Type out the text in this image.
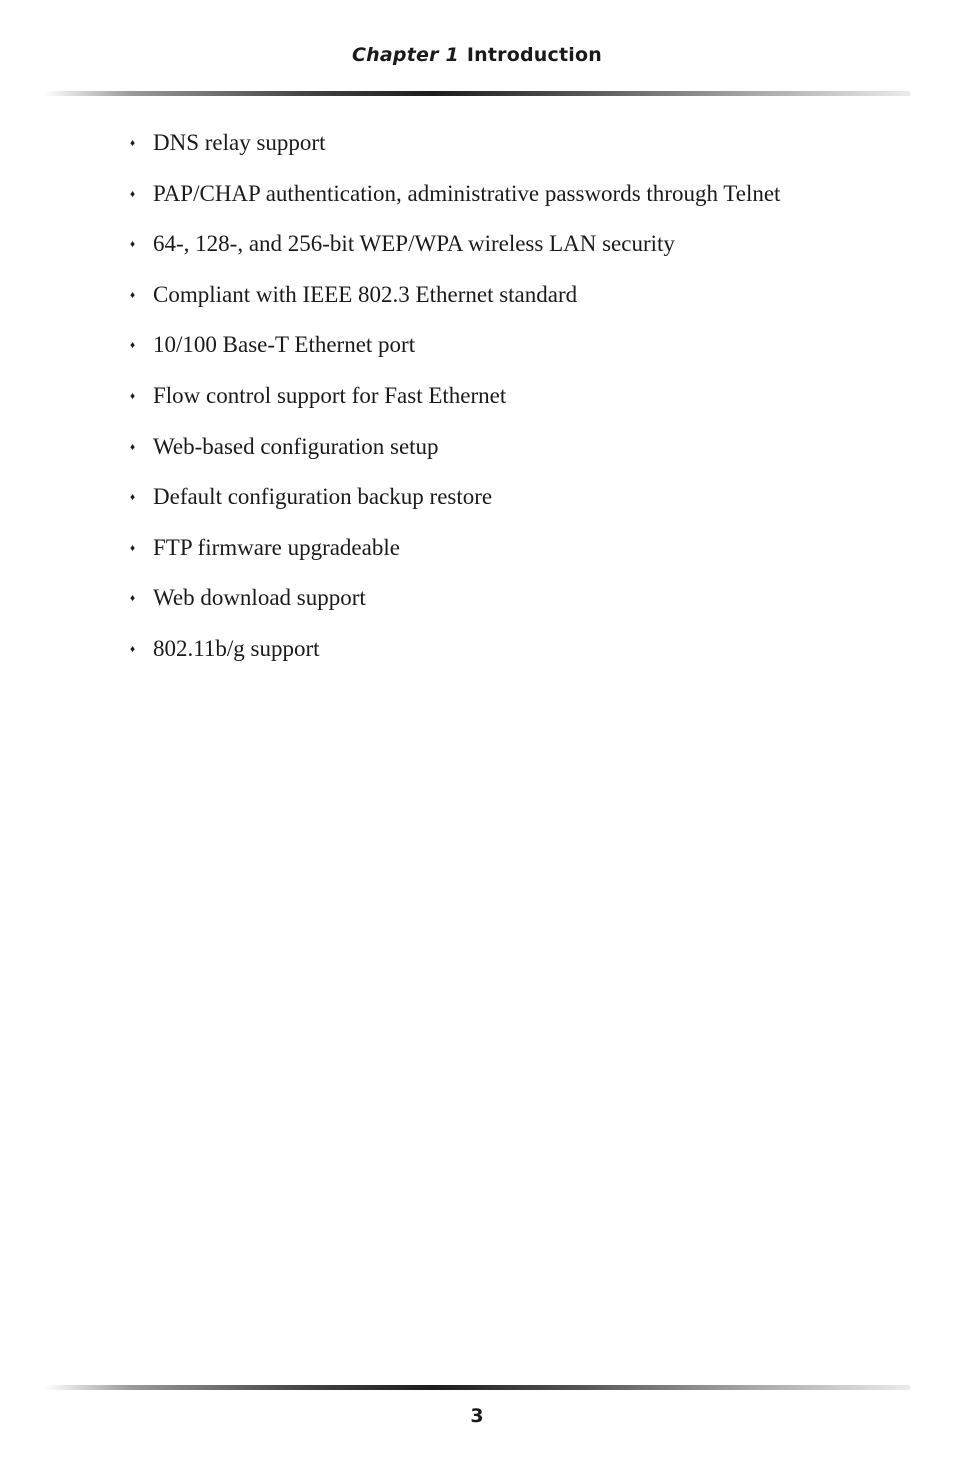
Chapter 1 Introduction
♦ DNS relay support
♦ PAP/CHAP authentication, administrative passwords through Telnet
♦ 64-, 128-, and 256-bit WEP/WPA wireless LAN security
♦ Compliant with IEEE 802.3 Ethernet standard
♦ 10/100 Base-T Ethernet port
♦ Flow control support for Fast Ethernet
♦ Web-based configuration setup
♦ Default configuration backup restore
♦ FTP firmware upgradeable
♦ Web download support
♦ 802.11b/g support
3
